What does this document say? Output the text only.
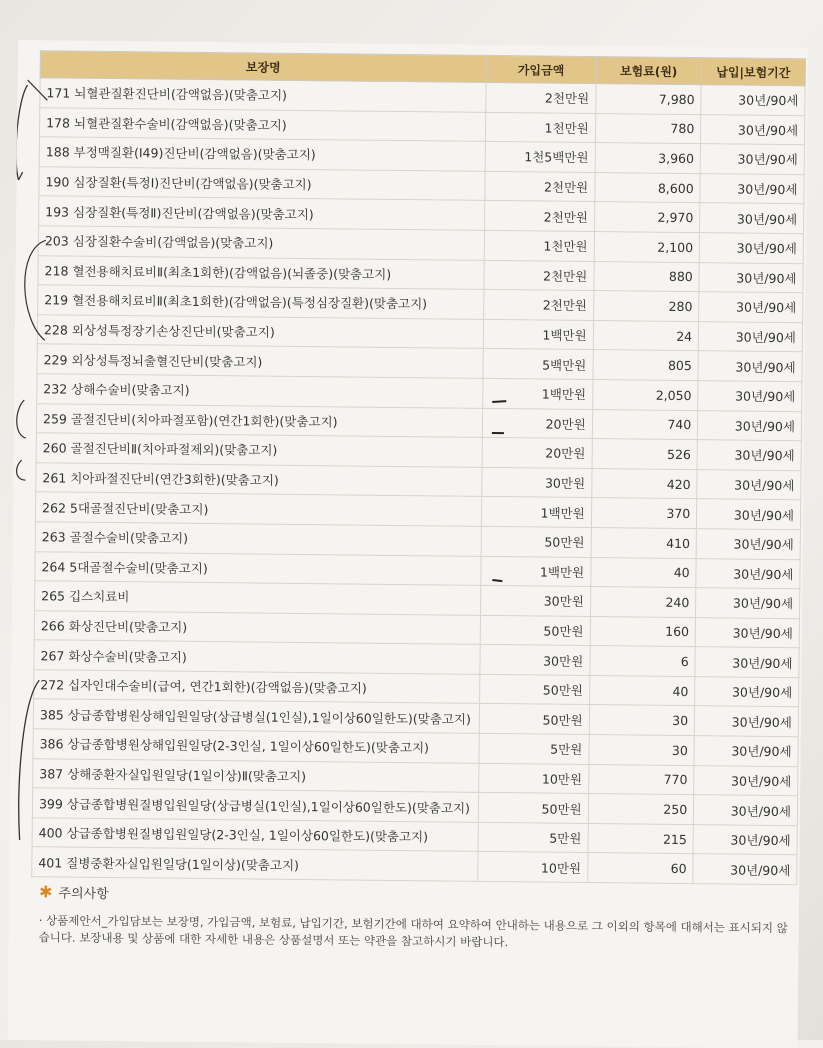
보장명	가입금액	보험료(원)	납입|보험기간
171 뇌혈관질환진단비(감액없음)(맞춤고지)	2천만원	7,980	30년/90세
178 뇌혈관질환수술비(감액없음)(맞춤고지)	1천만원	780	30년/90세
188 부정맥질환(Ⅰ49)진단비(감액없음)(맞춤고지)	1천5백만원	3,960	30년/90세
190 심장질환(특정Ⅰ)진단비(감액없음)(맞춤고지)	2천만원	8,600	30년/90세
193 심장질환(특정Ⅱ)진단비(감액없음)(맞춤고지)	2천만원	2,970	30년/90세
203 심장질환수술비(감액없음)(맞춤고지)	1천만원	2,100	30년/90세
218 혈전용해치료비Ⅱ(최초1회한)(감액없음)(뇌졸중)(맞춤고지)	2천만원	880	30년/90세
219 혈전용해치료비Ⅱ(최초1회한)(감액없음)(특정심장질환)(맞춤고지)	2천만원	280	30년/90세
228 외상성특정장기손상진단비(맞춤고지)	1백만원	24	30년/90세
229 외상성특정뇌출혈진단비(맞춤고지)	5백만원	805	30년/90세
232 상해수술비(맞춤고지)	1백만원	2,050	30년/90세
259 골절진단비(치아파절포함)(연간1회한)(맞춤고지)	20만원	740	30년/90세
260 골절진단비Ⅱ(치아파절제외)(맞춤고지)	20만원	526	30년/90세
261 치아파절진단비(연간3회한)(맞춤고지)	30만원	420	30년/90세
262 5대골절진단비(맞춤고지)	1백만원	370	30년/90세
263 골절수술비(맞춤고지)	50만원	410	30년/90세
264 5대골절수술비(맞춤고지)	1백만원	40	30년/90세
265 깁스치료비	30만원	240	30년/90세
266 화상진단비(맞춤고지)	50만원	160	30년/90세
267 화상수술비(맞춤고지)	30만원	6	30년/90세
272 십자인대수술비(급여, 연간1회한)(감액없음)(맞춤고지)	50만원	40	30년/90세
385 상급종합병원상해입원일당(상급병실(1인실),1일이상60일한도)(맞춤고지)	50만원	30	30년/90세
386 상급종합병원상해입원일당(2-3인실, 1일이상60일한도)(맞춤고지)	5만원	30	30년/90세
387 상해중환자실입원일당(1일이상)Ⅱ(맞춤고지)	10만원	770	30년/90세
399 상급종합병원질병입원일당(상급병실(1인실),1일이상60일한도)(맞춤고지)	50만원	250	30년/90세
400 상급종합병원질병입원일당(2-3인실, 1일이상60일한도)(맞춤고지)	5만원	215	30년/90세
401 질병중환자실입원일당(1일이상)(맞춤고지)	10만원	60	30년/90세
✱ 주의사항
· 상품제안서_가입담보는 보장명, 가입금액, 보험료, 납입기간, 보험기간에 대하여 요약하여 안내하는 내용으로 그 이외의 항목에 대해서는 표시되지 않습니다. 보장내용 및 상품에 대한 자세한 내용은 상품설명서 또는 약관을 참고하시기 바랍니다.
